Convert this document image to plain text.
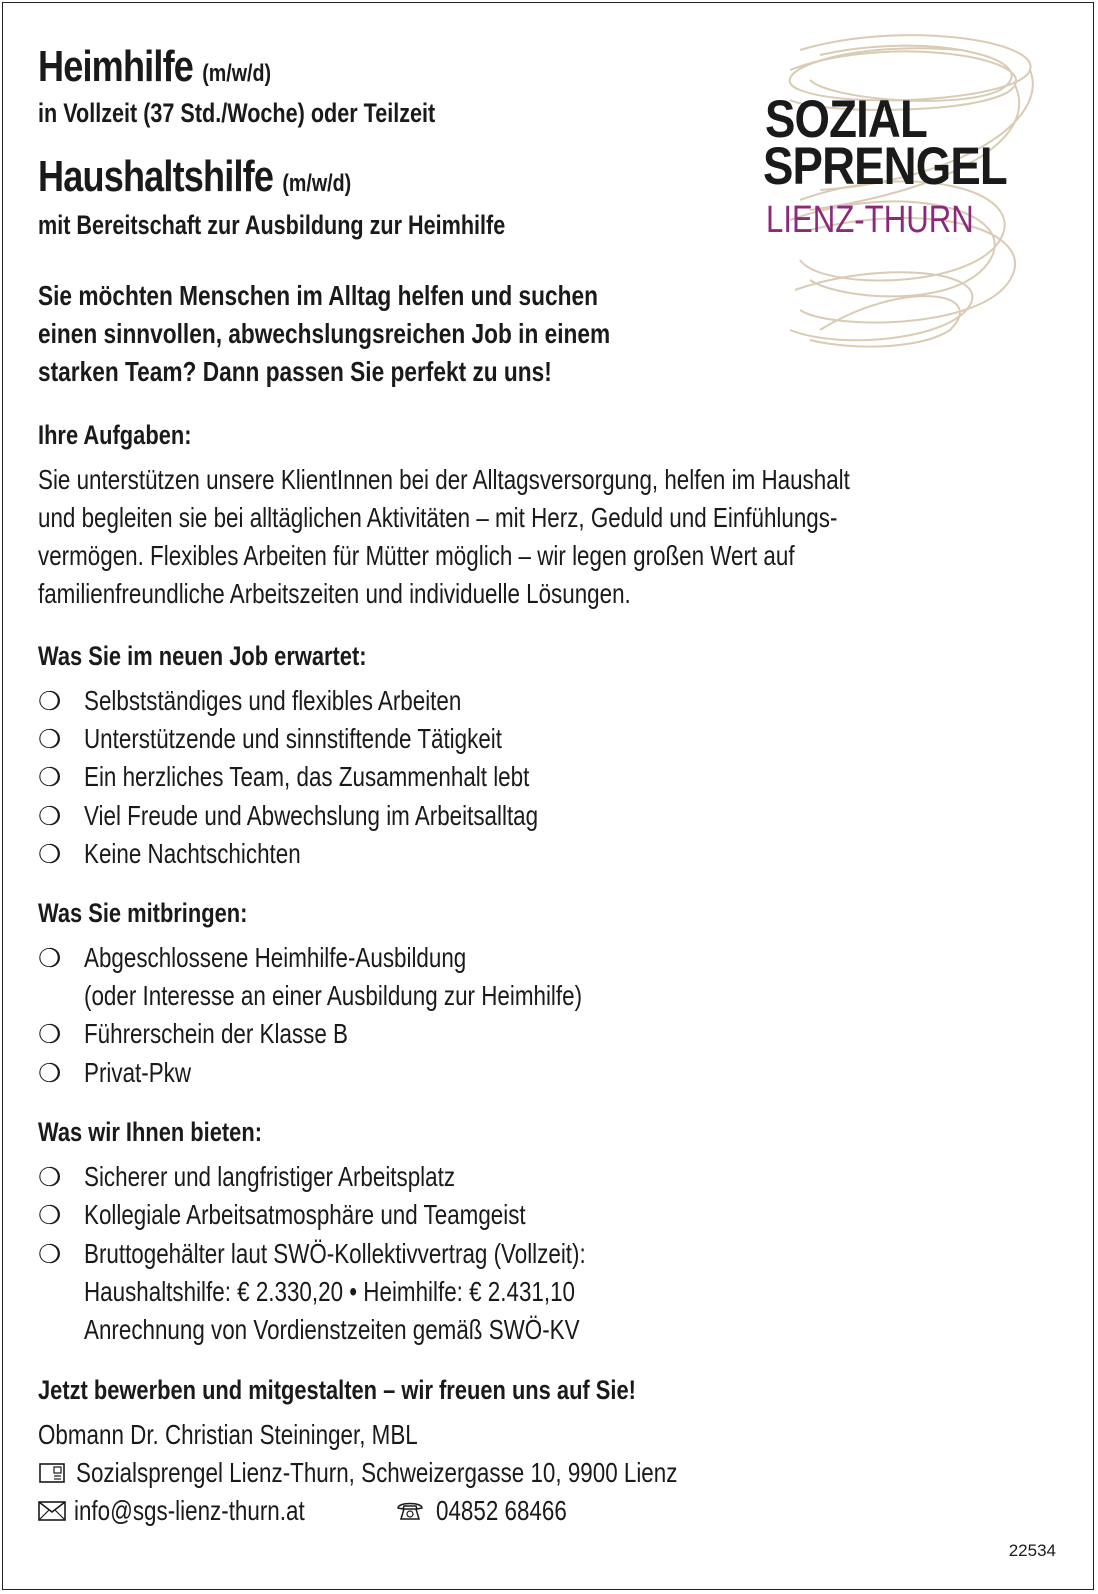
Heimhilfe (m/w/d)
in Vollzeit (37 Std./Woche) oder Teilzeit
Haushaltshilfe (m/w/d)
mit Bereitschaft zur Ausbildung zur Heimhilfe
SOZIAL
SPRENGEL
LIENZ-THURN
Sie möchten Menschen im Alltag helfen und suchen
einen sinnvollen, abwechslungsreichen Job in einem
starken Team? Dann passen Sie perfekt zu uns!
Ihre Aufgaben:
Sie unterstützen unsere KlientInnen bei der Alltagsversorgung, helfen im Haushalt
und begleiten sie bei alltäglichen Aktivitäten – mit Herz, Geduld und Einfühlungs-
vermögen. Flexibles Arbeiten für Mütter möglich – wir legen großen Wert auf
familienfreundliche Arbeitszeiten und individuelle Lösungen.
Was Sie im neuen Job erwartet:
❍ Selbstständiges und flexibles Arbeiten
❍ Unterstützende und sinnstiftende Tätigkeit
❍ Ein herzliches Team, das Zusammenhalt lebt
❍ Viel Freude und Abwechslung im Arbeitsalltag
❍ Keine Nachtschichten
Was Sie mitbringen:
❍ Abgeschlossene Heimhilfe-Ausbildung
(oder Interesse an einer Ausbildung zur Heimhilfe)
❍ Führerschein der Klasse B
❍ Privat-Pkw
Was wir Ihnen bieten:
❍ Sicherer und langfristiger Arbeitsplatz
❍ Kollegiale Arbeitsatmosphäre und Teamgeist
❍ Bruttogehälter laut SWÖ-Kollektivvertrag (Vollzeit):
Haushaltshilfe: € 2.330,20 • Heimhilfe: € 2.431,10
Anrechnung von Vordienstzeiten gemäß SWÖ-KV
Jetzt bewerben und mitgestalten – wir freuen uns auf Sie!
Obmann Dr. Christian Steininger, MBL
Sozialsprengel Lienz-Thurn, Schweizergasse 10, 9900 Lienz
info@sgs-lienz-thurn.at	04852 68466
22534
